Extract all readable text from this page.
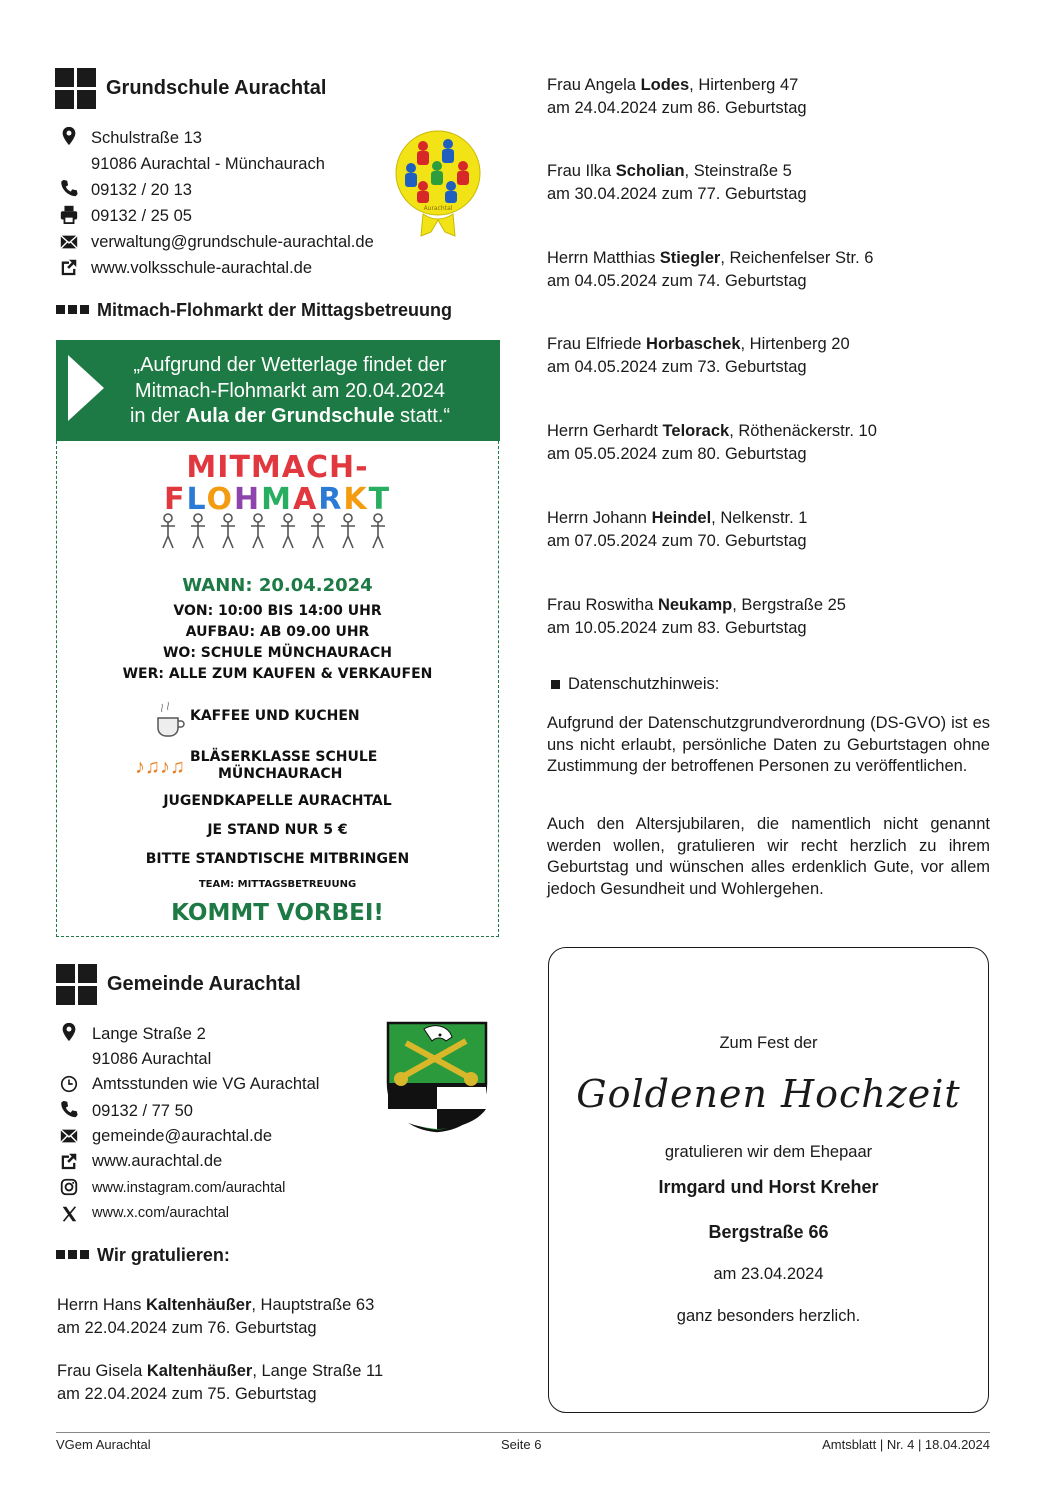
Grundschule Aurachtal
Schulstraße 13
91086 Aurachtal - Münchaurach
09132 / 20 13
09132 / 25 05
verwaltung@grundschule-aurachtal.de
www.volksschule-aurachtal.de
Aurachtal
Mitmach-Flohmarkt der Mittagsbetreuung
„Aufgrund der Wetterlage findet der
Mitmach-Flohmarkt am 20.04.2024
in der Aula der Grundschule statt.“
MITMACH-
FLOHMARKT
WANN: 20.04.2024
VON: 10:00 BIS 14:00 UHR
AUFBAU: AB 09.00 UHR
WO: SCHULE MÜNCHAURACH
WER: ALLE ZUM KAUFEN & VERKAUFEN
KAFFEE UND KUCHEN
♪♫♪♫ BLÄSERKLASSE SCHULE
MÜNCHAURACH
JUGENDKAPELLE AURACHTAL
JE STAND NUR 5 €
BITTE STANDTISCHE MITBRINGEN
TEAM: MITTAGSBETREUUNG
KOMMT VORBEI!
Gemeinde Aurachtal
Lange Straße 2
91086 Aurachtal
Amtsstunden wie VG Aurachtal
09132 / 77 50
gemeinde@aurachtal.de
www.aurachtal.de
www.instagram.com/aurachtal
www.x.com/aurachtal
Wir gratulieren:
Herrn Hans Kaltenhäußer, Hauptstraße 63
am 22.04.2024 zum 76. Geburtstag
Frau Gisela Kaltenhäußer, Lange Straße 11
am 22.04.2024 zum 75. Geburtstag
Frau Angela Lodes, Hirtenberg 47
am 24.04.2024 zum 86. Geburtstag
Frau Ilka Scholian, Steinstraße 5
am 30.04.2024 zum 77. Geburtstag
Herrn Matthias Stiegler, Reichenfelser Str. 6
am 04.05.2024 zum 74. Geburtstag
Frau Elfriede Horbaschek, Hirtenberg 20
am 04.05.2024 zum 73. Geburtstag
Herrn Gerhardt Telorack, Röthenäckerstr. 10
am 05.05.2024 zum 80. Geburtstag
Herrn Johann Heindel, Nelkenstr. 1
am 07.05.2024 zum 70. Geburtstag
Frau Roswitha Neukamp, Bergstraße 25
am 10.05.2024 zum 83. Geburtstag
Datenschutzhinweis:
Aufgrund der Datenschutzgrundverordnung (DS-GVO) ist es uns nicht erlaubt, persönliche Daten zu Geburtstagen ohne Zustimmung der betroffenen Personen zu veröffentlichen.
Auch den Altersjubilaren, die namentlich nicht genannt werden wollen, gratulieren wir recht herzlich zu ihrem Geburtstag und wünschen alles erdenklich Gute, vor allem jedoch Gesundheit und Wohlergehen.
Zum Fest der
Goldenen Hochzeit
gratulieren wir dem Ehepaar
Irmgard und Horst Kreher
Bergstraße 66
am 23.04.2024
ganz besonders herzlich.
VGem Aurachtal	Seite 6	Amtsblatt | Nr. 4 | 18.04.2024
